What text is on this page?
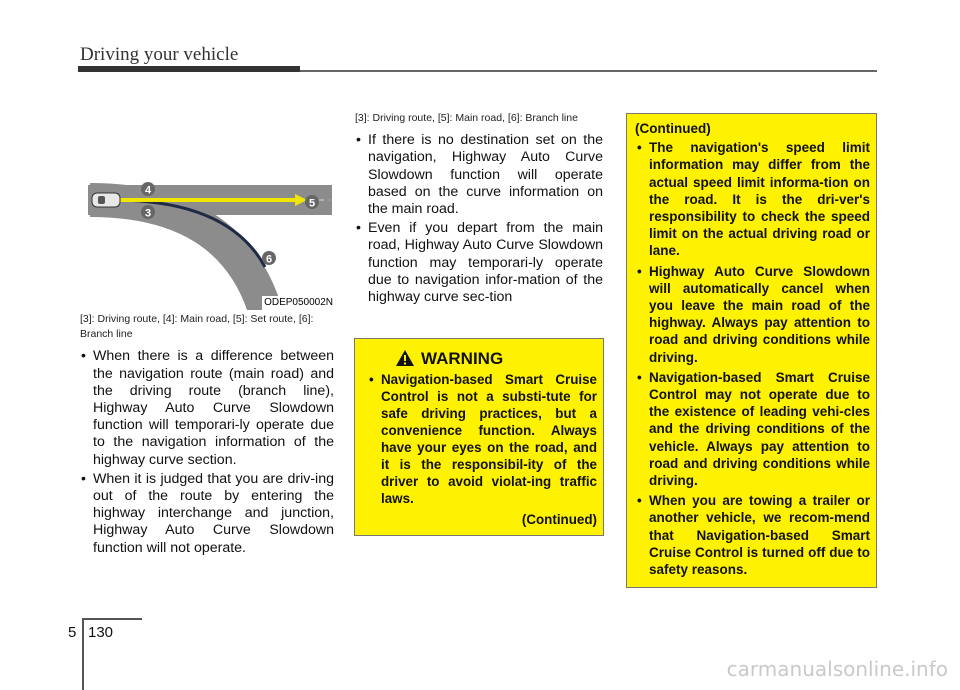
Driving your vehicle
4
5
3
6
ODEP050002N
[3]: Driving route, [4]: Main road, [5]: Set route, [6]: Branch line
• When there is a difference between the navigation route (main road) and the driving route (branch line), Highway Auto Curve Slowdown function will temporari-ly operate due to the navigation information of the highway curve section.
• When it is judged that you are driv-ing out of the route by entering the highway interchange and junction, Highway Auto Curve Slowdown function will not operate.
[3]: Driving route, [5]: Main road, [6]: Branch line
• If there is no destination set on the navigation, Highway Auto Curve Slowdown function will operate based on the curve information on the main road.
• Even if you depart from the main road, Highway Auto Curve Slowdown function may temporari-ly operate due to navigation infor-mation of the highway curve sec-tion
WARNING
• Navigation-based Smart Cruise Control is not a substi-tute for safe driving practices, but a convenience function. Always have your eyes on the road, and it is the responsibil-ity of the driver to avoid violat-ing traffic laws.
(Continued)
(Continued)
• The navigation's speed limit information may differ from the actual speed limit informa-tion on the road. It is the dri-ver's responsibility to check the speed limit on the actual driving road or lane.
• Highway Auto Curve Slowdown will automatically cancel when you leave the main road of the highway. Always pay attention to road and driving conditions while driving.
• Navigation-based Smart Cruise Control may not operate due to the existence of leading vehi-cles and the driving conditions of the vehicle. Always pay attention to road and driving conditions while driving.
• When you are towing a trailer or another vehicle, we recom-mend that Navigation-based Smart Cruise Control is turned off due to safety reasons.
5 130
carmanualsonline.info
